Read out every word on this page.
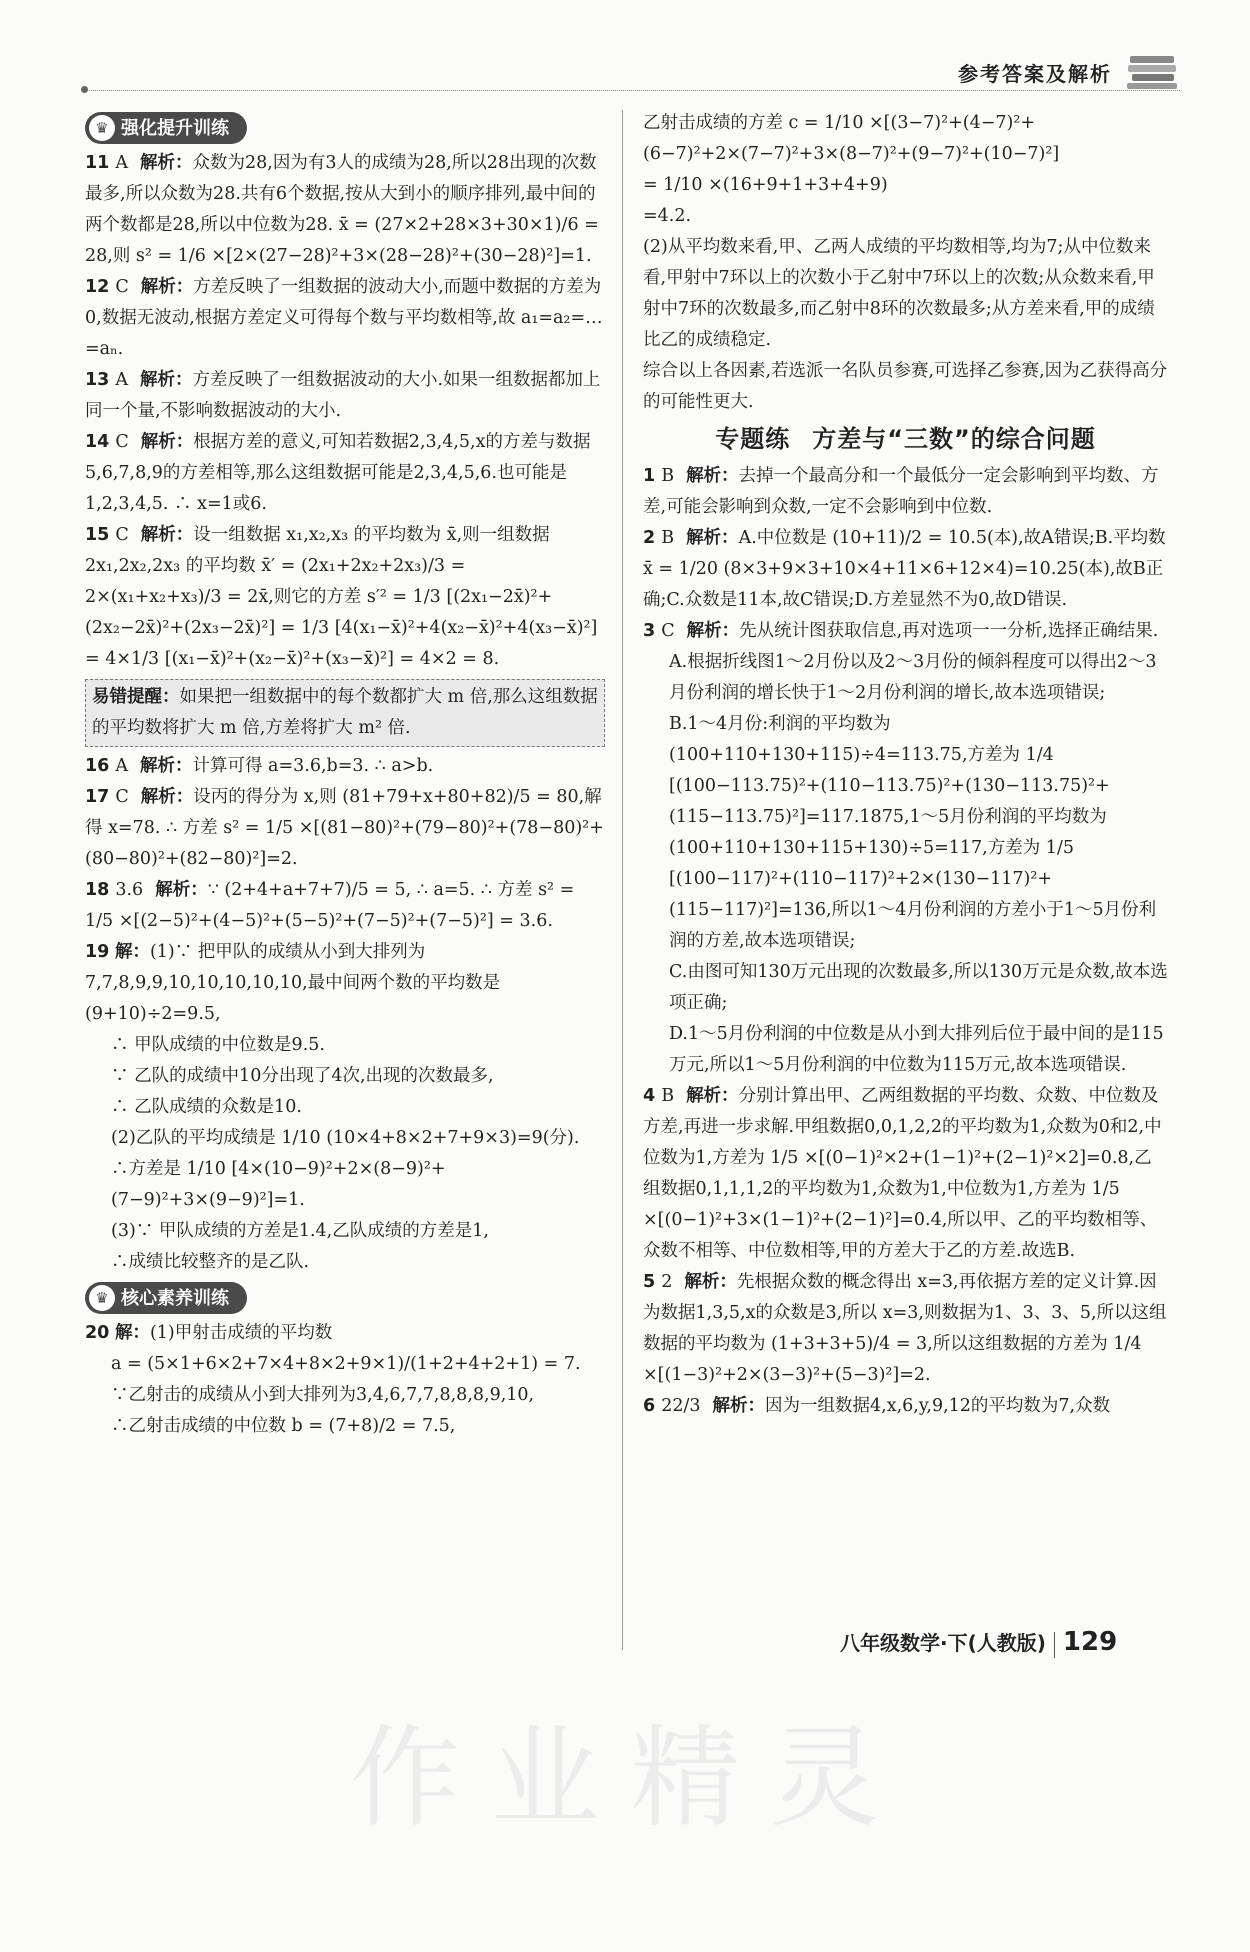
参考答案及解析
♛ 强化提升训练
11 A 解析：众数为28,因为有3人的成绩为28,所以28出现的次数最多,所以众数为28.共有6个数据,按从大到小的顺序排列,最中间的两个数都是28,所以中位数为28. x̄ = (27×2+28×3+30×1)/6 = 28,则 s² = 1/6 ×[2×(27−28)²+3×(28−28)²+(30−28)²]=1.
12 C 解析：方差反映了一组数据的波动大小,而题中数据的方差为0,数据无波动,根据方差定义可得每个数与平均数相等,故 a₁=a₂=…=aₙ.
13 A 解析：方差反映了一组数据波动的大小.如果一组数据都加上同一个量,不影响数据波动的大小.
14 C 解析：根据方差的意义,可知若数据2,3,4,5,x的方差与数据5,6,7,8,9的方差相等,那么这组数据可能是2,3,4,5,6.也可能是1,2,3,4,5. ∴ x=1或6.
15 C 解析：设一组数据 x₁,x₂,x₃ 的平均数为 x̄,则一组数据 2x₁,2x₂,2x₃ 的平均数 x̄′ = (2x₁+2x₂+2x₃)/3 = 2×(x₁+x₂+x₃)/3 = 2x̄,则它的方差 s′² = 1/3 [(2x₁−2x̄)²+(2x₂−2x̄)²+(2x₃−2x̄)²] = 1/3 [4(x₁−x̄)²+4(x₂−x̄)²+4(x₃−x̄)²] = 4×1/3 [(x₁−x̄)²+(x₂−x̄)²+(x₃−x̄)²] = 4×2 = 8.
易错提醒：如果把一组数据中的每个数都扩大 m 倍,那么这组数据的平均数将扩大 m 倍,方差将扩大 m² 倍.
16 A 解析：计算可得 a=3.6,b=3. ∴ a>b.
17 C 解析：设丙的得分为 x,则 (81+79+x+80+82)/5 = 80,解得 x=78. ∴ 方差 s² = 1/5 ×[(81−80)²+(79−80)²+(78−80)²+(80−80)²+(82−80)²]=2.
18 3.6 解析：∵ (2+4+a+7+7)/5 = 5, ∴ a=5. ∴ 方差 s² = 1/5 ×[(2−5)²+(4−5)²+(5−5)²+(7−5)²+(7−5)²] = 3.6.
19 解：(1)∵ 把甲队的成绩从小到大排列为7,7,8,9,9,10,10,10,10,10,最中间两个数的平均数是(9+10)÷2=9.5,
∴ 甲队成绩的中位数是9.5.
∵ 乙队的成绩中10分出现了4次,出现的次数最多,
∴ 乙队成绩的众数是10.
(2)乙队的平均成绩是 1/10 (10×4+8×2+7+9×3)=9(分).
∴方差是 1/10 [4×(10−9)²+2×(8−9)²+(7−9)²+3×(9−9)²]=1.
(3)∵ 甲队成绩的方差是1.4,乙队成绩的方差是1,
∴成绩比较整齐的是乙队.
♛ 核心素养训练
20 解：(1)甲射击成绩的平均数
a = (5×1+6×2+7×4+8×2+9×1)/(1+2+4+2+1) = 7.
∵乙射击的成绩从小到大排列为3,4,6,7,7,8,8,8,9,10,
∴乙射击成绩的中位数 b = (7+8)/2 = 7.5,
乙射击成绩的方差 c = 1/10 ×[(3−7)²+(4−7)²+(6−7)²+2×(7−7)²+3×(8−7)²+(9−7)²+(10−7)²]
= 1/10 ×(16+9+1+3+4+9)
=4.2.
(2)从平均数来看,甲、乙两人成绩的平均数相等,均为7;从中位数来看,甲射中7环以上的次数小于乙射中7环以上的次数;从众数来看,甲射中7环的次数最多,而乙射中8环的次数最多;从方差来看,甲的成绩比乙的成绩稳定.
综合以上各因素,若选派一名队员参赛,可选择乙参赛,因为乙获得高分的可能性更大.
专题练 方差与“三数”的综合问题
1 B 解析：去掉一个最高分和一个最低分一定会影响到平均数、方差,可能会影响到众数,一定不会影响到中位数.
2 B 解析：A.中位数是 (10+11)/2 = 10.5(本),故A错误;B.平均数 x̄ = 1/20 (8×3+9×3+10×4+11×6+12×4)=10.25(本),故B正确;C.众数是11本,故C错误;D.方差显然不为0,故D错误.
3 C 解析：先从统计图获取信息,再对选项一一分析,选择正确结果.
A.根据折线图1～2月份以及2～3月份的倾斜程度可以得出2～3月份利润的增长快于1～2月份利润的增长,故本选项错误;
B.1～4月份:利润的平均数为(100+110+130+115)÷4=113.75,方差为 1/4 [(100−113.75)²+(110−113.75)²+(130−113.75)²+(115−113.75)²]=117.1875,1～5月份利润的平均数为(100+110+130+115+130)÷5=117,方差为 1/5 [(100−117)²+(110−117)²+2×(130−117)²+(115−117)²]=136,所以1～4月份利润的方差小于1～5月份利润的方差,故本选项错误;
C.由图可知130万元出现的次数最多,所以130万元是众数,故本选项正确;
D.1～5月份利润的中位数是从小到大排列后位于最中间的是115万元,所以1～5月份利润的中位数为115万元,故本选项错误.
4 B 解析：分别计算出甲、乙两组数据的平均数、众数、中位数及方差,再进一步求解.甲组数据0,0,1,2,2的平均数为1,众数为0和2,中位数为1,方差为 1/5 ×[(0−1)²×2+(1−1)²+(2−1)²×2]=0.8,乙组数据0,1,1,1,2的平均数为1,众数为1,中位数为1,方差为 1/5 ×[(0−1)²+3×(1−1)²+(2−1)²]=0.4,所以甲、乙的平均数相等、众数不相等、中位数相等,甲的方差大于乙的方差.故选B.
5 2 解析：先根据众数的概念得出 x=3,再依据方差的定义计算.因为数据1,3,5,x的众数是3,所以 x=3,则数据为1、3、3、5,所以这组数据的平均数为 (1+3+3+5)/4 = 3,所以这组数据的方差为 1/4 ×[(1−3)²+2×(3−3)²+(5−3)²]=2.
6 22/3 解析：因为一组数据4,x,6,y,9,12的平均数为7,众数
八年级数学·下(人教版) 129
作业精灵
